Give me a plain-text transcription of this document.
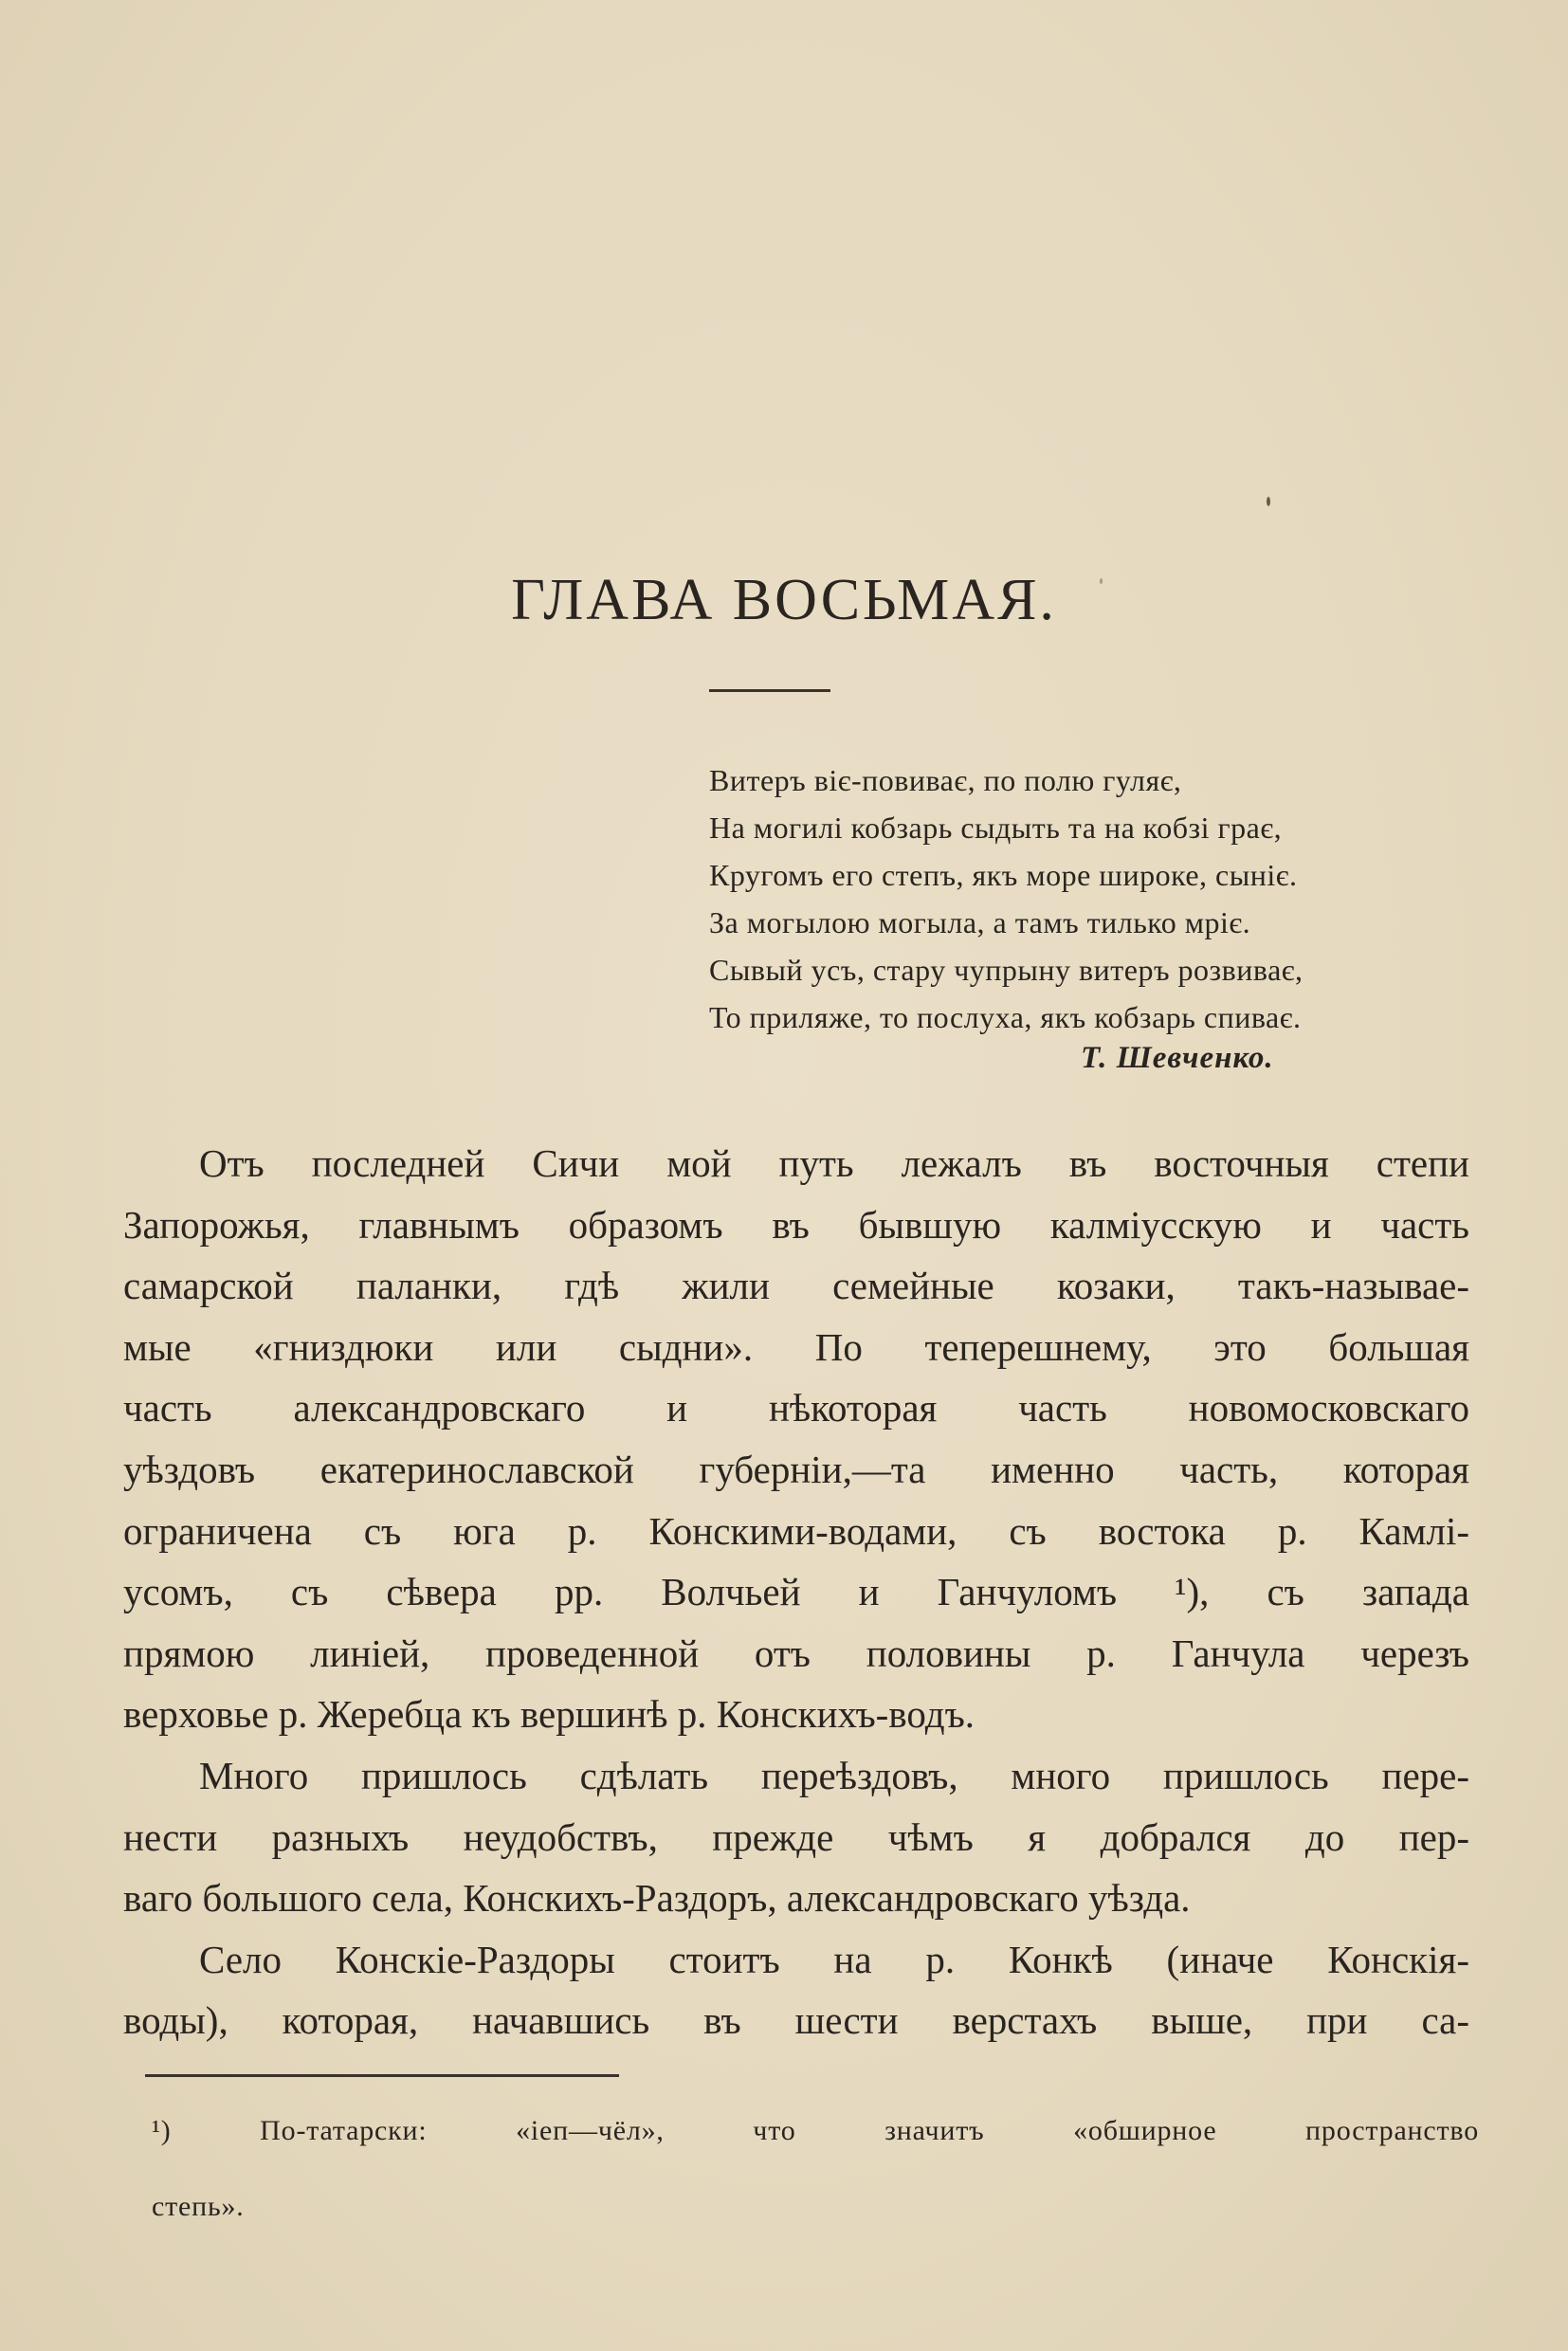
ГЛАВА ВОСЬМАЯ.
Витеръ віє-повиває, по полю гуляє,
На могилі кобзарь сыдыть та на кобзі грає,
Кругомъ его степъ, якъ море широке, сыніє.
За могылою могыла, а тамъ тилько мріє.
Сывый усъ, стару чупрыну витеръ розвиває,
То приляже, то послуха, якъ кобзарь спиває.
Т. Шевченко.
Отъ последней Сичи мой путь лежалъ въ восточныя степи
Запорожья, главнымъ образомъ въ бывшую калміусскую и часть
самарской паланки, гдѣ жили семейные козаки, такъ-называе-
мые «гниздюки или сыдни». По теперешнему, это большая
часть александровскаго и нѣкоторая часть новомосковскаго
уѣздовъ екатеринославской губерніи,—та именно часть, которая
ограничена съ юга р. Конскими-водами, съ востока р. Камлі-
усомъ, съ сѣвера рр. Волчьей и Ганчуломъ ¹), съ запада
прямою линіей, проведенной отъ половины р. Ганчула черезъ
верховье р. Жеребца къ вершинѣ р. Конскихъ-водъ.
Много пришлось сдѣлать переѣздовъ, много пришлось пере-
нести разныхъ неудобствъ, прежде чѣмъ я добрался до пер-
ваго большого села, Конскихъ-Раздоръ, александровскаго уѣзда.
Село Конскіе-Раздоры стоитъ на р. Конкѣ (иначе Конскія-
воды), которая, начавшись въ шести верстахъ выше, при са-
¹) По-татарски: «іеп—чёл», что значитъ «обширное пространство
степь».
